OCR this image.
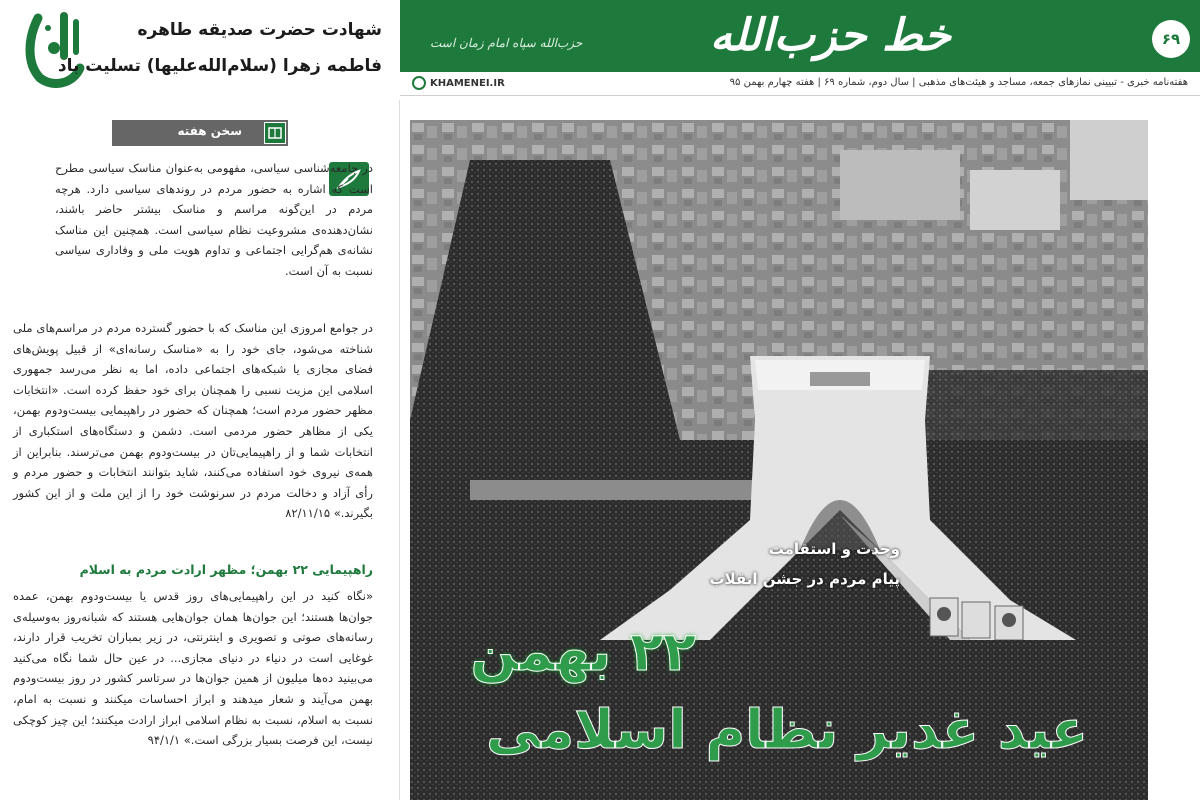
شهادت حضرت صدیقه طاهره
فاطمه زهرا (سلام‌الله‌علیها) تسلیت باد
خط حزب‌الله
حزب‌الله سپاه امام زمان است	۶۹
KHAMENEI.IR	هفته‌نامه خبری - تبیینی نمازهای جمعه، مساجد و هیئت‌های مذهبی | سال دوم، شماره ۶۹ | هفته چهارم بهمن ۹۵
سخن هفته

در جامعه‌شناسی سیاسی، مفهومی به‌عنوان مناسک سیاسی مطرح است که اشاره به حضور مردم در روندهای سیاسی دارد. هرچه مردم در این‌گونه مراسم و مناسک بیشتر حاضر باشند، نشان‌دهنده‌ی مشروعیت نظام سیاسی است. همچنین این مناسک نشانه‌ی هم‌گرایی اجتماعی و تداوم هویت ملی و وفاداری سیاسی نسبت به آن است.

در جوامع امروزی این مناسک که با حضور گسترده مردم در مراسم‌های ملی شناخته می‌شود، جای خود را به «مناسک رسانه‌ای» از قبیل پویش‌های فضای مجازی یا شبکه‌های اجتماعی داده، اما به نظر می‌رسد جمهوری اسلامی این مزیت نسبی را همچنان برای خود حفظ کرده است. «انتخابات مظهر حضور مردم است؛ همچنان که حضور در راهپیمایی بیست‌ودوم بهمن، یکی از مظاهر حضور مردمی است. دشمن و دستگاه‌های استکباری از انتخابات شما و از راهپیمایی‌تان در بیست‌ودوم بهمن می‌ترسند. بنابراین از همه‌ی نیروی خود استفاده می‌کنند، شاید بتوانند انتخابات و حضور مردم و رأی آزاد و دخالت مردم در سرنوشت خود را از این ملت و از این کشور بگیرند.» ۸۲/۱۱/۱۵

راهپیمایی ۲۲ بهمن؛ مظهر ارادت مردم به اسلام

«نگاه کنید در این راهپیمایی‌های روز قدس یا بیست‌ودوم بهمن، عمده جوان‌ها هستند؛ این جوان‌ها همان جوان‌هایی هستند که شبانه‌روز به‌وسیله‌ی رسانه‌های صوتی و تصویری و اینترنتی، در زیر بمباران تخریب قرار دارند، غوغایی است در دنیاء در دنیای مجازی... در عین حال شما نگاه می‌کنید می‌بینید ده‌ها میلیون از همین جوان‌ها در سرتاسر کشور در روز بیست‌ودوم بهمن می‌آیند و شعار میدهند و ابراز احساسات میکنند و نسبت به امام، نسبت به اسلام، نسبت به نظام اسلامی ابراز ارادت میکنند؛ این چیز کوچکی نیست، این فرصت بسیار بزرگی است.» ۹۴/۱/۱

وحدت و استقامت
پیام مردم در جشن انقلاب
۲۲ بهمن
عید غدیر نظام اسلامی
